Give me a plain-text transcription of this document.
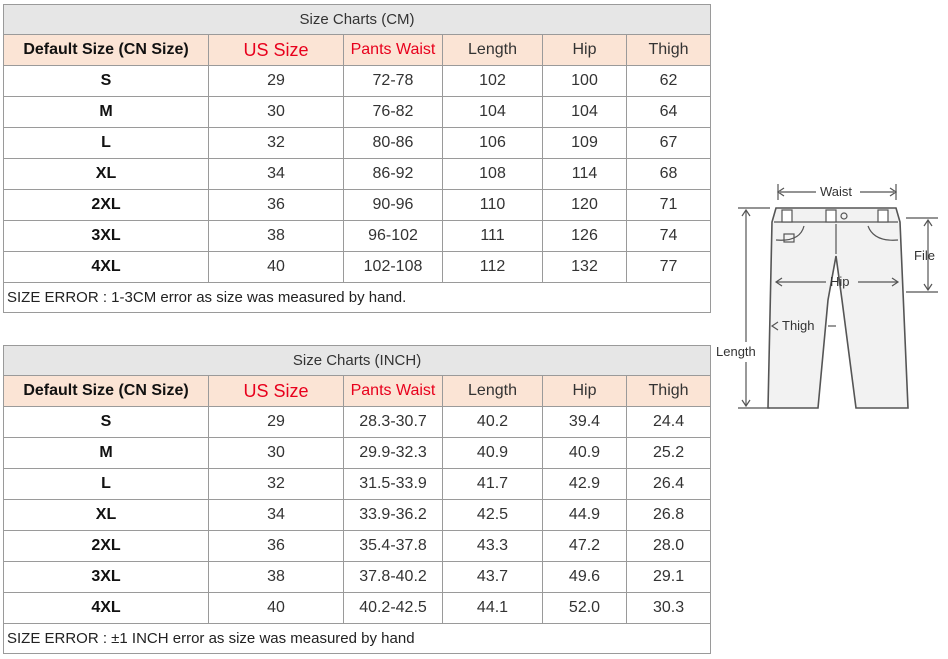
Size Charts (CM)					
Default Size (CN Size)	US Size	Pants Waist	Length	Hip	Thigh
S	29	72-78	102	100	62
M	30	76-82	104	104	64
L	32	80-86	106	109	67
XL	34	86-92	108	114	68
2XL	36	90-96	110	120	71
3XL	38	96-102	111	126	74
4XL	40	102-108	112	132	77
SIZE ERROR : 1-3CM error as size was measured by hand.					
Size Charts (INCH)					
Default Size (CN Size)	US Size	Pants Waist	Length	Hip	Thigh
S	29	28.3-30.7	40.2	39.4	24.4
M	30	29.9-32.3	40.9	40.9	25.2
L	32	31.5-33.9	41.7	42.9	26.4
XL	34	33.9-36.2	42.5	44.9	26.8
2XL	36	35.4-37.8	43.3	47.2	28.0
3XL	38	37.8-40.2	43.7	49.6	29.1
4XL	40	40.2-42.5	44.1	52.0	30.3
SIZE ERROR : ±1 INCH error as size was measured by hand					
Waist
File
Hip
Thigh
Length
